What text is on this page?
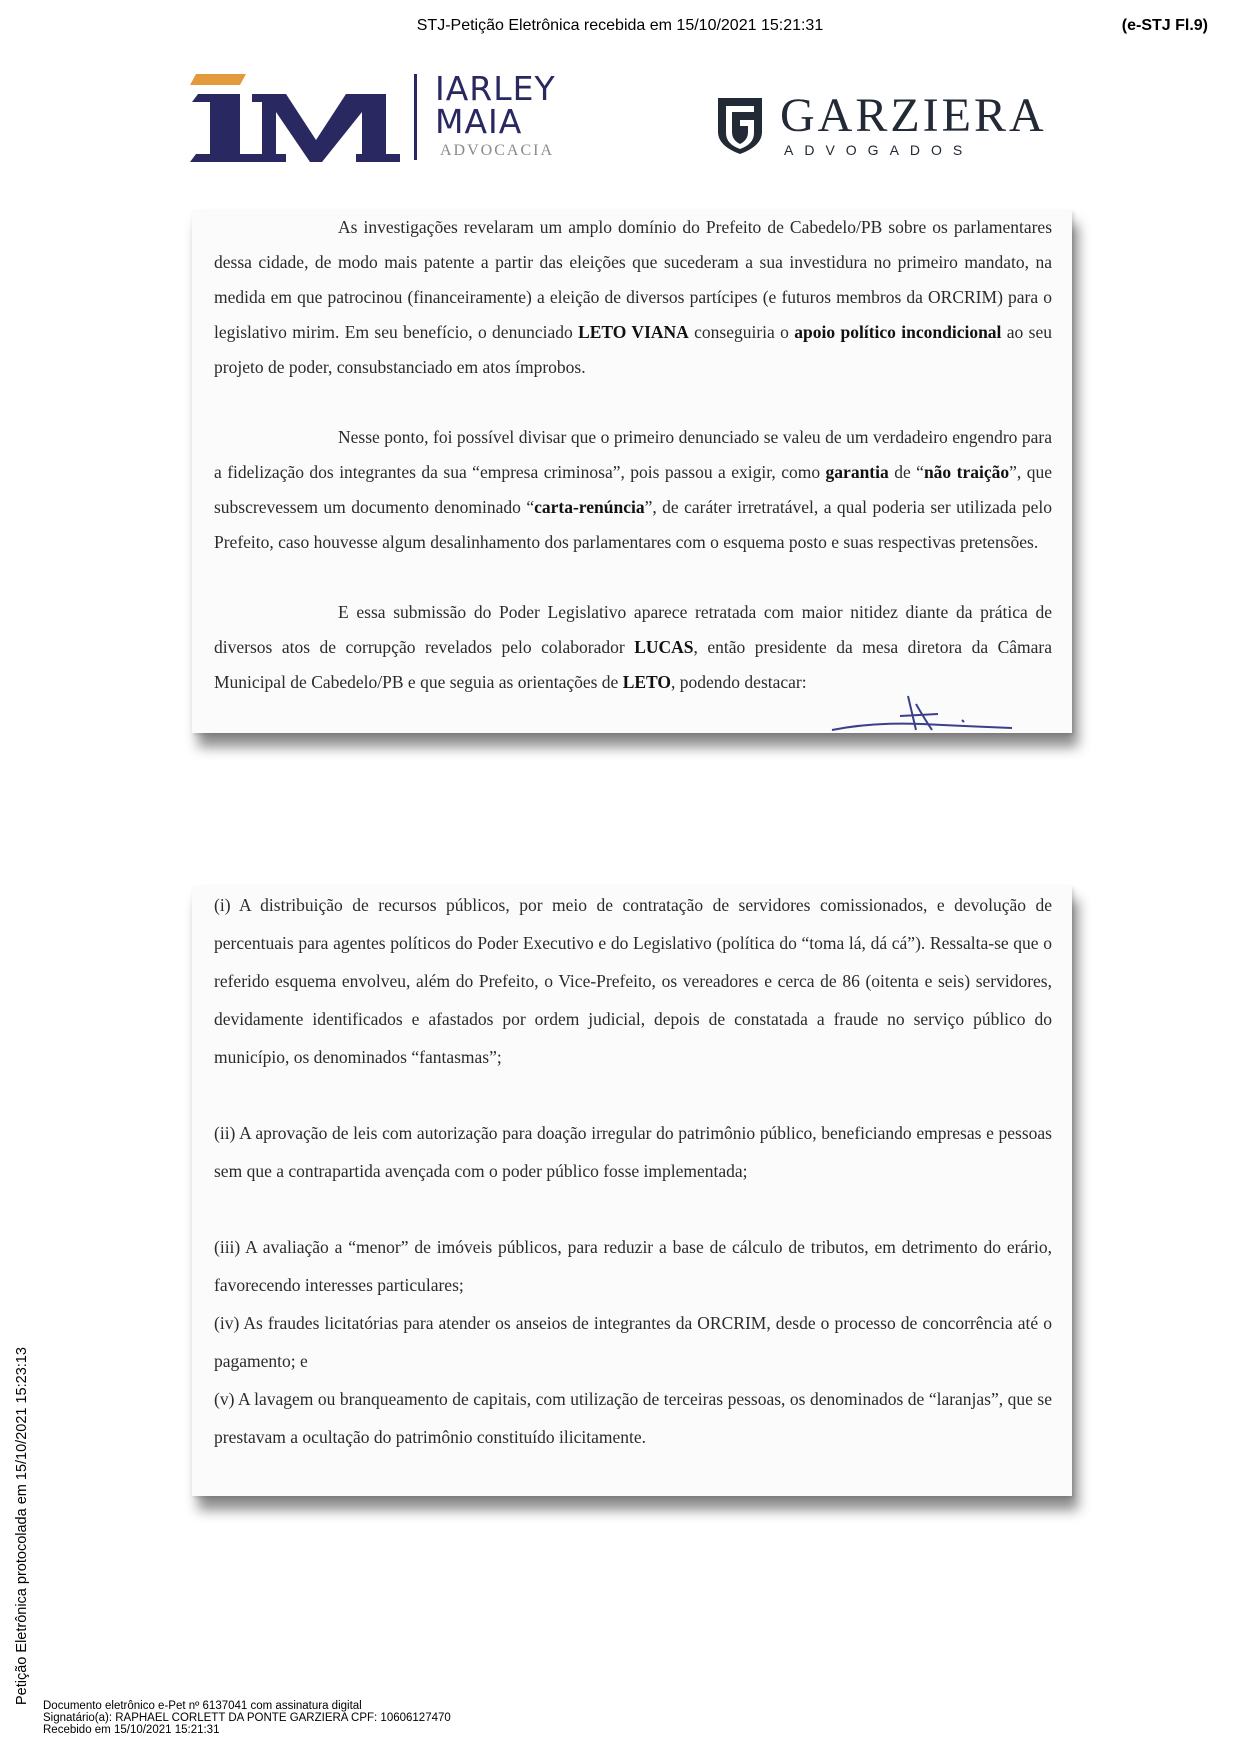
STJ-Petição Eletrônica recebida em 15/10/2021 15:21:31	(e-STJ Fl.9)
IARLEY
MAIA
ADVOCACIA
GARZIERA
ADVOGADOS

As investigações revelaram um amplo domínio do Prefeito de Cabedelo/PB sobre os parlamentares dessa cidade, de modo mais patente a partir das eleições que sucederam a sua investidura no primeiro mandato, na medida em que patrocinou (financeiramente) a eleição de diversos partícipes (e futuros membros da ORCRIM) para o legislativo mirim. Em seu benefício, o denunciado LETO VIANA conseguiria o apoio político incondicional ao seu projeto de poder, consubstanciado em atos ímprobos.

Nesse ponto, foi possível divisar que o primeiro denunciado se valeu de um verdadeiro engendro para a fidelização dos integrantes da sua “empresa criminosa”, pois passou a exigir, como garantia de “não traição”, que subscrevessem um documento denominado “carta-renúncia”, de caráter irretratável, a qual poderia ser utilizada pelo Prefeito, caso houvesse algum desalinhamento dos parlamentares com o esquema posto e suas respectivas pretensões.

E essa submissão do Poder Legislativo aparece retratada com maior nitidez diante da prática de diversos atos de corrupção revelados pelo colaborador LUCAS, então presidente da mesa diretora da Câmara Municipal de Cabedelo/PB e que seguia as orientações de LETO, podendo destacar:

(i) A distribuição de recursos públicos, por meio de contratação de servidores comissionados, e devolução de percentuais para agentes políticos do Poder Executivo e do Legislativo (política do “toma lá, dá cá”). Ressalta-se que o referido esquema envolveu, além do Prefeito, o Vice-Prefeito, os vereadores e cerca de 86 (oitenta e seis) servidores, devidamente identificados e afastados por ordem judicial, depois de constatada a fraude no serviço público do município, os denominados “fantasmas”;

(ii) A aprovação de leis com autorização para doação irregular do patrimônio público, beneficiando empresas e pessoas sem que a contrapartida avençada com o poder público fosse implementada;

(iii) A avaliação a “menor” de imóveis públicos, para reduzir a base de cálculo de tributos, em detrimento do erário, favorecendo interesses particulares;

(iv) As fraudes licitatórias para atender os anseios de integrantes da ORCRIM, desde o processo de concorrência até o pagamento; e

(v) A lavagem ou branqueamento de capitais, com utilização de terceiras pessoas, os denominados de “laranjas”, que se prestavam a ocultação do patrimônio constituído ilicitamente.

Petição Eletrônica protocolada em 15/10/2021 15:23:13
Documento eletrônico e-Pet nº 6137041 com assinatura digital
Signatário(a): RAPHAEL CORLETT DA PONTE GARZIERA CPF: 10606127470
Recebido em 15/10/2021 15:21:31
